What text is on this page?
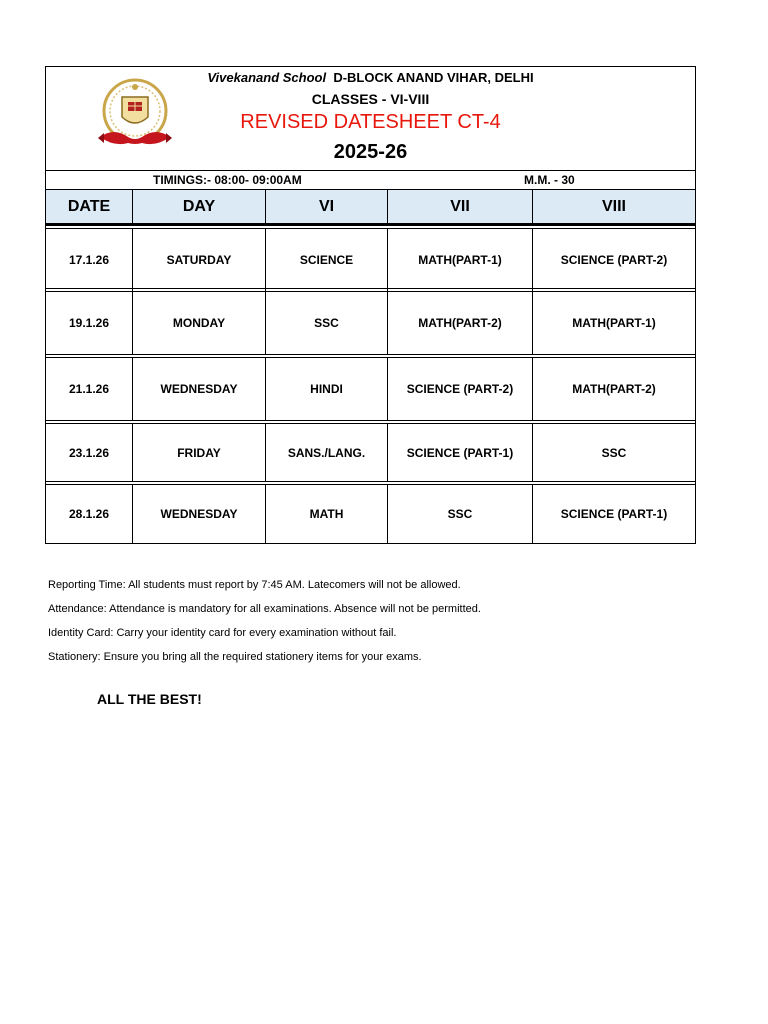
Vivekanand School D-BLOCK ANAND VIHAR, DELHI
CLASSES - VI-VIII
REVISED DATESHEET CT-4
2025-26
TIMINGS:- 08:00- 09:00AM	M.M. - 30
DATE	DAY	VI	VII	VIII
17.1.26	SATURDAY	SCIENCE	MATH(PART-1)	SCIENCE (PART-2)
19.1.26	MONDAY	SSC	MATH(PART-2)	MATH(PART-1)
21.1.26	WEDNESDAY	HINDI	SCIENCE (PART-2)	MATH(PART-2)
23.1.26	FRIDAY	SANS./LANG.	SCIENCE (PART-1)	SSC
28.1.26	WEDNESDAY	MATH	SSC	SCIENCE (PART-1)

Reporting Time: All students must report by 7:45 AM. Latecomers will not be allowed.

Attendance: Attendance is mandatory for all examinations. Absence will not be permitted.

Identity Card: Carry your identity card for every examination without fail.

Stationery: Ensure you bring all the required stationery items for your exams.

ALL THE BEST!
